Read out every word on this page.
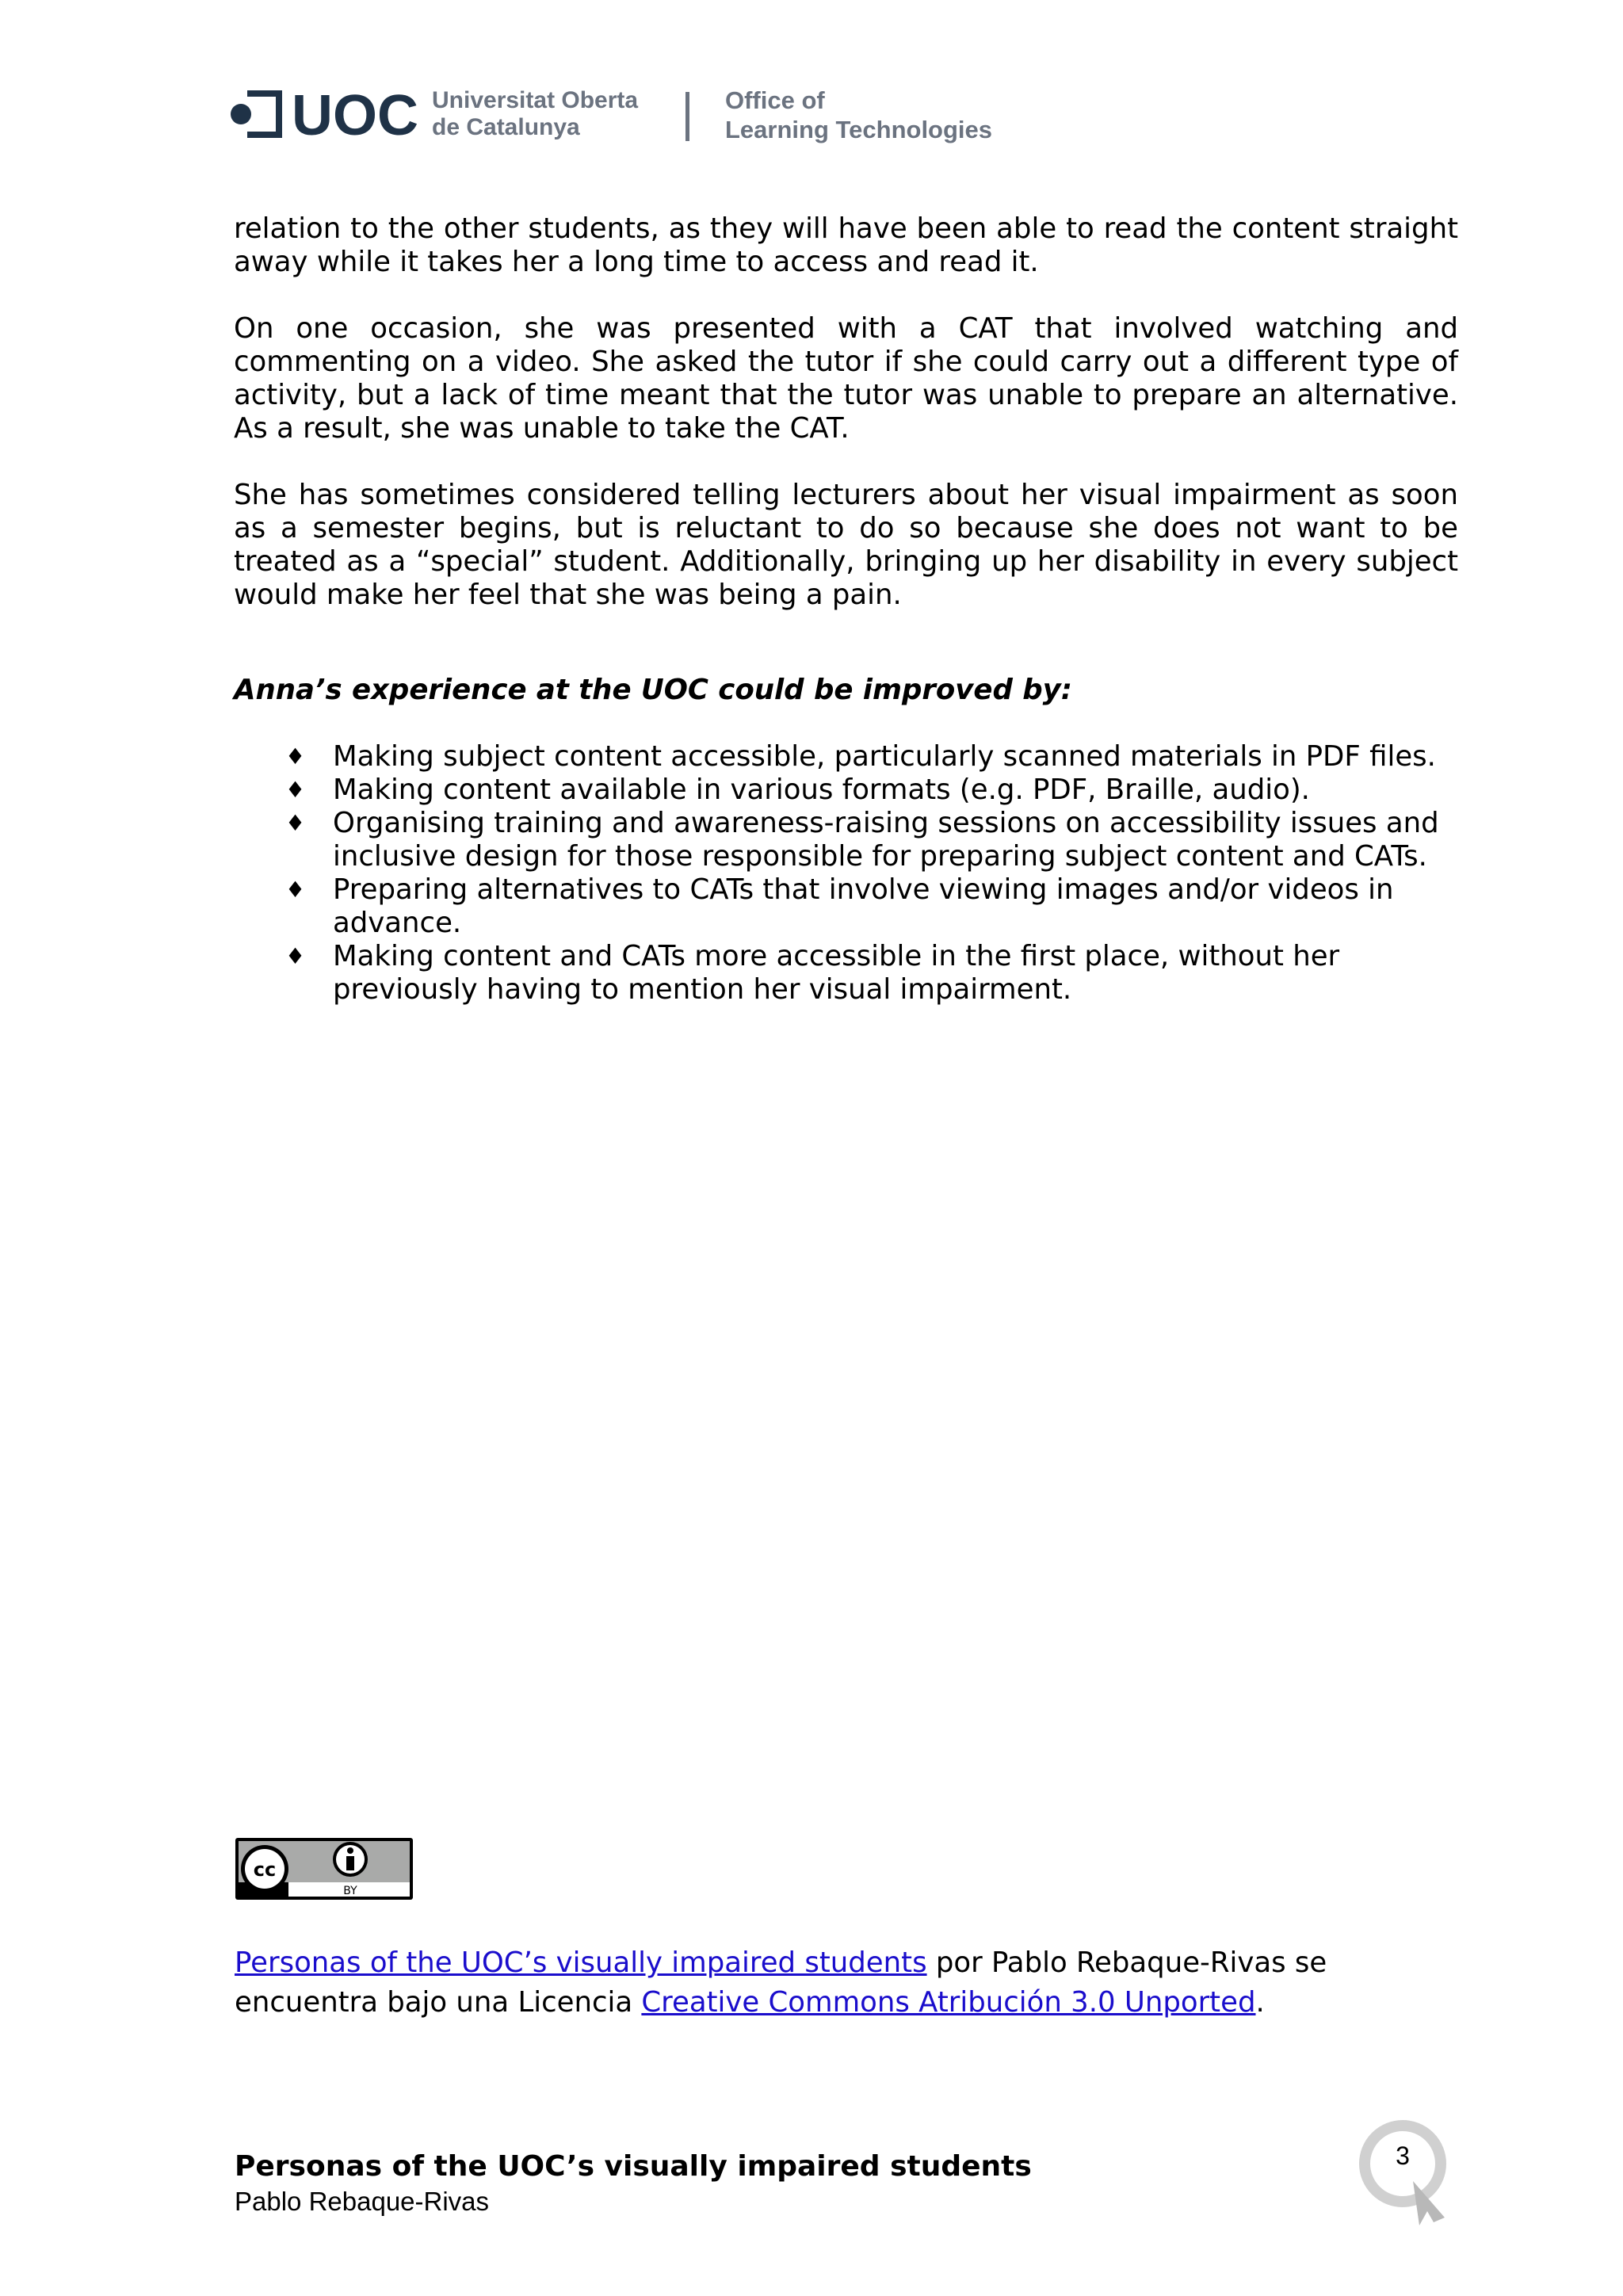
UOC Universitat Oberta
de Catalunya
Office of
Learning Technologies

relation to the other students, as they will have been able to read the content straight away while it takes her a long time to access and read it.

On one occasion, she was presented with a CAT that involved watching and commenting on a video. She asked the tutor if she could carry out a different type of activity, but a lack of time meant that the tutor was unable to prepare an alternative. As a result, she was unable to take the CAT.

She has sometimes considered telling lecturers about her visual impairment as soon as a semester begins, but is reluctant to do so because she does not want to be treated as a “special” student. Additionally, bringing up her disability in every subject would make her feel that she was being a pain.

Anna’s experience at the UOC could be improved by:

♦ Making subject content accessible, particularly scanned materials in PDF files.
♦ Making content available in various formats (e.g. PDF, Braille, audio).
♦ Organising training and awareness-raising sessions on accessibility issues and inclusive design for those responsible for preparing subject content and CATs.
♦ Preparing alternatives to CATs that involve viewing images and/or videos in advance.
♦ Making content and CATs more accessible in the first place, without her previously having to mention her visual impairment.
cc
BY
Personas of the UOC’s visually impaired students por Pablo Rebaque-Rivas se encuentra bajo una Licencia Creative Commons Atribución 3.0 Unported.
Personas of the UOC’s visually impaired students
Pablo Rebaque-Rivas
3
